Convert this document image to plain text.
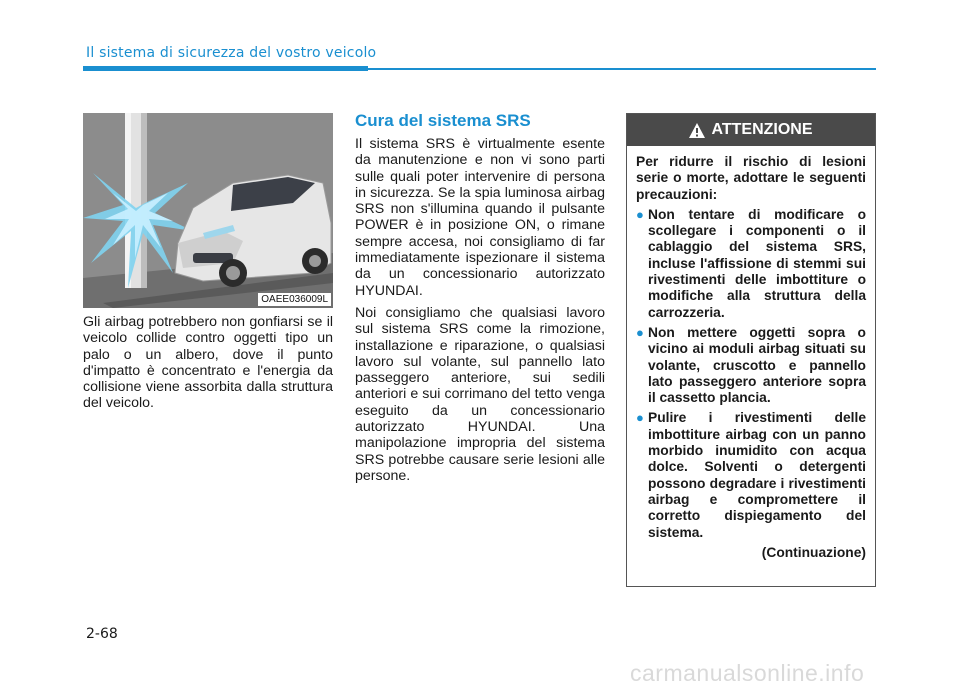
Il sistema di sicurezza del vostro veicolo
OAEE036009L

Gli airbag potrebbero non gonfiarsi se il veicolo collide contro oggetti tipo un palo o un albero, dove il punto d'impatto è concentrato e l'energia da collisione viene assorbita dalla struttura del veicolo.

Cura del sistema SRS

Il sistema SRS è virtualmente esente da manutenzione e non vi sono parti sulle quali poter intervenire di persona in sicurezza. Se la spia luminosa airbag SRS non s'illumina quando il pulsante POWER è in posizione ON, o rimane sempre accesa, noi consigliamo di far immediatamente ispezionare il sistema da un concessionario autorizzato HYUNDAI.

Noi consigliamo che qualsiasi lavoro sul sistema SRS come la rimozione, installazione e riparazione, o qualsiasi lavoro sul volante, sul pannello lato passeggero anteriore, sui sedili anteriori e sui corrimano del tetto venga eseguito da un concessionario autorizzato HYUNDAI. Una manipolazione impropria del sistema SRS potrebbe causare serie lesioni alle persone.

ATTENZIONE

Per ridurre il rischio di lesioni serie o morte, adottare le seguenti precauzioni:

● Non tentare di modificare o scollegare i componenti o il cablaggio del sistema SRS, incluse l'affissione di stemmi sui rivestimenti delle imbottiture o modifiche alla struttura della carrozzeria.
● Non mettere oggetti sopra o vicino ai moduli airbag situati su volante, cruscotto e pannello lato passeggero anteriore sopra il cassetto plancia.
● Pulire i rivestimenti delle imbottiture airbag con un panno morbido inumidito con acqua dolce. Solventi o detergenti possono degradare i rivestimenti airbag e compromettere il corretto dispiegamento del sistema.
(Continuazione)
2-68
carmanualsonline.info
